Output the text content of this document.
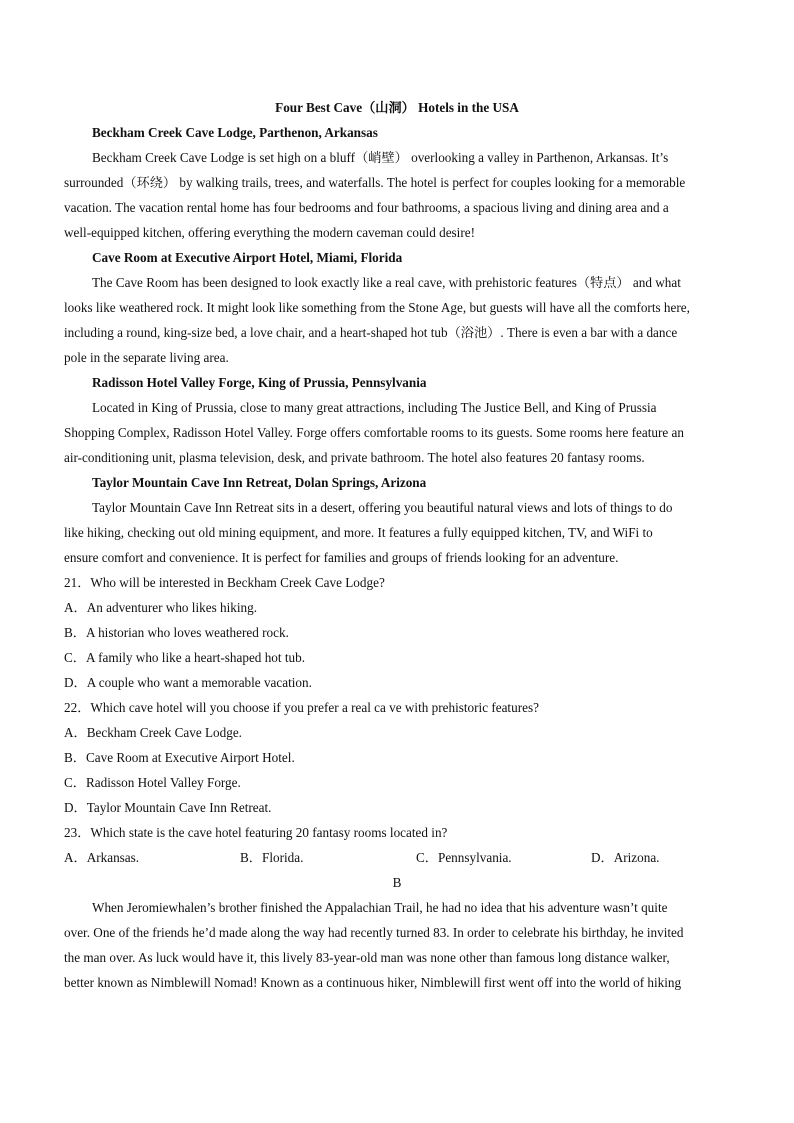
Four Best Cave（山洞） Hotels in the USA
Beckham Creek Cave Lodge, Parthenon, Arkansas
Beckham Creek Cave Lodge is set high on a bluff（峭壁） overlooking a valley in Parthenon, Arkansas. It’s
surrounded（环绕） by walking trails, trees, and waterfalls. The hotel is perfect for couples looking for a memorable
vacation. The vacation rental home has four bedrooms and four bathrooms, a spacious living and dining area and a
well-equipped kitchen, offering everything the modern caveman could desire!
Cave Room at Executive Airport Hotel, Miami, Florida
The Cave Room has been designed to look exactly like a real cave, with prehistoric features（特点） and what
looks like weathered rock. It might look like something from the Stone Age, but guests will have all the comforts here,
including a round, king-size bed, a love chair, and a heart-shaped hot tub（浴池）. There is even a bar with a dance
pole in the separate living area.
Radisson Hotel Valley Forge, King of Prussia, Pennsylvania
Located in King of Prussia, close to many great attractions, including The Justice Bell, and King of Prussia
Shopping Complex, Radisson Hotel Valley. Forge offers comfortable rooms to its guests. Some rooms here feature an
air-conditioning unit, plasma television, desk, and private bathroom. The hotel also features 20 fantasy rooms.
Taylor Mountain Cave Inn Retreat, Dolan Springs, Arizona
Taylor Mountain Cave Inn Retreat sits in a desert, offering you beautiful natural views and lots of things to do
like hiking, checking out old mining equipment, and more. It features a fully equipped kitchen, TV, and WiFi to
ensure comfort and convenience. It is perfect for families and groups of friends looking for an adventure.
21．Who will be interested in Beckham Creek Cave Lodge?
A．An adventurer who likes hiking.
B．A historian who loves weathered rock.
C．A family who like a heart-shaped hot tub.
D．A couple who want a memorable vacation.
22．Which cave hotel will you choose if you prefer a real ca ve with prehistoric features?
A．Beckham Creek Cave Lodge.
B．Cave Room at Executive Airport Hotel.
C．Radisson Hotel Valley Forge.
D．Taylor Mountain Cave Inn Retreat.
23．Which state is the cave hotel featuring 20 fantasy rooms located in?
A．Arkansas.	B．Florida.	C．Pennsylvania.	D．Arizona.
B
When Jeromiewhalen’s brother finished the Appalachian Trail, he had no idea that his adventure wasn’t quite
over. One of the friends he’d made along the way had recently turned 83. In order to celebrate his birthday, he invited
the man over. As luck would have it, this lively 83-year-old man was none other than famous long distance walker,
better known as Nimblewill Nomad! Known as a continuous hiker, Nimblewill first went off into the world of hiking
